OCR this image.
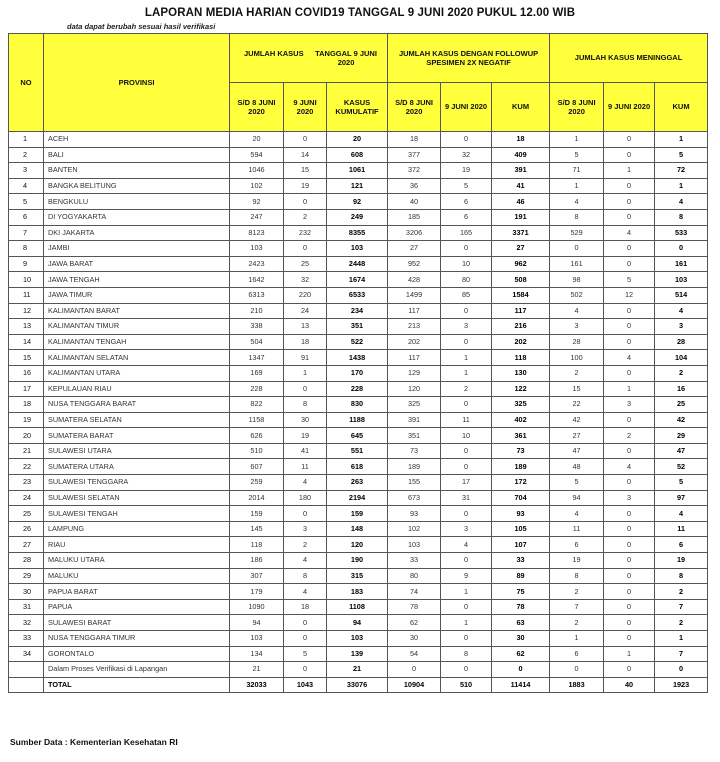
LAPORAN MEDIA HARIAN COVID19 TANGGAL 9 JUNI 2020 PUKUL 12.00 WIB
data dapat berubah sesuai hasil verifikasi
NO	PROVINSI	JUMLAH KASUS TANGGAL 9 JUNI 2020			JUMLAH KASUS DENGAN FOLLOWUP SPESIMEN 2X NEGATIF			JUMLAH KASUS MENINGGAL		
		S/D 8 JUNI 2020	9 JUNI 2020	KASUS KUMULATIF	S/D 8 JUNI 2020	9 JUNI 2020	KUM	S/D 8 JUNI 2020	9 JUNI 2020	KUM
1	ACEH	20	0	20	18	0	18	1	0	1
2	BALI	594	14	608	377	32	409	5	0	5
3	BANTEN	1046	15	1061	372	19	391	71	1	72
4	BANGKA BELITUNG	102	19	121	36	5	41	1	0	1
5	BENGKULU	92	0	92	40	6	46	4	0	4
6	DI YOGYAKARTA	247	2	249	185	6	191	8	0	8
7	DKI JAKARTA	8123	232	8355	3206	165	3371	529	4	533
8	JAMBI	103	0	103	27	0	27	0	0	0
9	JAWA BARAT	2423	25	2448	952	10	962	161	0	161
10	JAWA TENGAH	1642	32	1674	428	80	508	98	5	103
11	JAWA TIMUR	6313	220	6533	1499	85	1584	502	12	514
12	KALIMANTAN BARAT	210	24	234	117	0	117	4	0	4
13	KALIMANTAN TIMUR	338	13	351	213	3	216	3	0	3
14	KALIMANTAN TENGAH	504	18	522	202	0	202	28	0	28
15	KALIMANTAN SELATAN	1347	91	1438	117	1	118	100	4	104
16	KALIMANTAN UTARA	169	1	170	129	1	130	2	0	2
17	KEPULAUAN RIAU	228	0	228	120	2	122	15	1	16
18	NUSA TENGGARA BARAT	822	8	830	325	0	325	22	3	25
19	SUMATERA SELATAN	1158	30	1188	391	11	402	42	0	42
20	SUMATERA BARAT	626	19	645	351	10	361	27	2	29
21	SULAWESI UTARA	510	41	551	73	0	73	47	0	47
22	SUMATERA UTARA	607	11	618	189	0	189	48	4	52
23	SULAWESI TENGGARA	259	4	263	155	17	172	5	0	5
24	SULAWESI SELATAN	2014	180	2194	673	31	704	94	3	97
25	SULAWESI TENGAH	159	0	159	93	0	93	4	0	4
26	LAMPUNG	145	3	148	102	3	105	11	0	11
27	RIAU	118	2	120	103	4	107	6	0	6
28	MALUKU UTARA	186	4	190	33	0	33	19	0	19
29	MALUKU	307	8	315	80	9	89	8	0	8
30	PAPUA BARAT	179	4	183	74	1	75	2	0	2
31	PAPUA	1090	18	1108	78	0	78	7	0	7
32	SULAWESI BARAT	94	0	94	62	1	63	2	0	2
33	NUSA TENGGARA TIMUR	103	0	103	30	0	30	1	0	1
34	GORONTALO	134	5	139	54	8	62	6	1	7
	Dalam Proses Verifikasi di Lapangan	21	0	21	0	0	0	0	0	0
	TOTAL	32033	1043	33076	10904	510	11414	1883	40	1923
Sumber Data : Kementerian Kesehatan RI
